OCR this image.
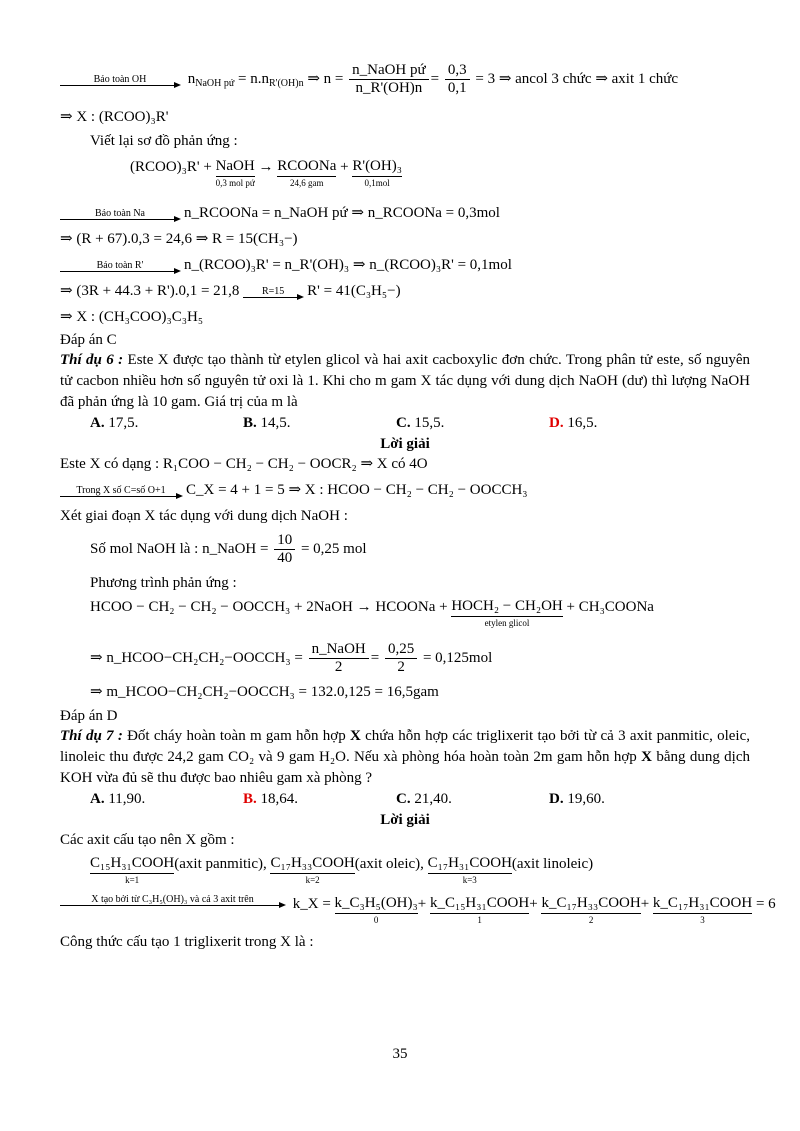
Bảo toàn OH	$n_{NaOH pứ} = n.n_{R'(OH)n}$ ⇒ $n = \frac{\text{n\_NaOH pứ}}{n\_R'(OH)n} = \frac{0,3}{0,1} = 3$ ⇒ ancol 3 chức ⇒ axit 1 chức
⇒ X : (RCOO)₃R'
Viết lại sơ đồ phản ứng :
(RCOO)₃R' + NaOH
0,3 mol pứ
→ RCOONa
24,6 gam
+ R'(OH)₃
0,1mol
Bảo toàn Na	n_RCOONa = n_NaOH pứ ⇒ n_RCOONa = 0,3mol
⇒ (R + 67).0,3 = 24,6 ⇒ R = 15(CH₃−)
Bảo toàn R'	n_(RCOO)₃R' = n_R'(OH)₃ ⇒ n_(RCOO)₃R' = 0,1mol
⇒ (3R + 44.3 + R').0,1 = 21,8	R=15	R' = 41(C₃H₅−)
⇒ X : (CH₃COO)₃C₃H₅
Đáp án C
Thí dụ 6 : Este X được tạo thành từ etylen glicol và hai axit cacboxylic đơn chức. Trong phân tử este, số nguyên tử cacbon nhiều hơn số nguyên tử oxi là 1. Khi cho m gam X tác dụng với dung dịch NaOH (dư) thì lượng NaOH đã phản ứng là 10 gam. Giá trị của m là
A. 17,5.	B. 14,5.	C. 15,5.	D. 16,5.
Lời giải
Este X có dạng : R₁COO − CH₂ − CH₂ − OOCR₂ ⇒ X có 4O
Trong X số C=số O+1	C_X = 4 + 1 = 5 ⇒ X : HCOO − CH₂ − CH₂ − OOCCH₃
Xét giai đoạn X tác dụng với dung dịch NaOH :
Số mol NaOH là : n_NaOH = $\frac{10}{40} = 0,25$ mol
Phương trình phản ứng :
HCOO − CH₂ − CH₂ − OOCCH₃ + 2NaOH → HCOONa + HOCH₂ − CH₂OH
etylen glicol
+ CH₃COONa
⇒ n_HCOO−CH₂CH₂−OOCCH₃ = $\frac{\text{n\_NaOH}}{2} = \frac{0,25}{2} = 0,125mol$
⇒ m_HCOO−CH₂CH₂−OOCCH₃ = 132.0,125 = 16,5gam
Đáp án D
Thí dụ 7 : Đốt cháy hoàn toàn m gam hỗn hợp X chứa hỗn hợp các triglixerit tạo bởi từ cả 3 axit panmitic, oleic, linoleic thu được 24,2 gam CO₂ và 9 gam H₂O. Nếu xà phòng hóa hoàn toàn 2m gam hỗn hợp X bằng dung dịch KOH vừa đủ sẽ thu được bao nhiêu gam xà phòng ?
A. 11,90.	B. 18,64.	C. 21,40.	D. 19,60.
Lời giải
Các axit cấu tạo nên X gồm :
C₁₅H₃₁COOH
k=1
(axit panmitic), C₁₇H₃₃COOH
k=2
(axit oleic), C₁₇H₃₁COOH
k=3
(axit linoleic)
X tạo bởi từ C₃H₅(OH)₃ và cả 3 axit trên	k_X = k_C₃H₅(OH)₃
0
+ k_C₁₅H₃₁COOH
1
+ k_C₁₇H₃₃COOH
2
+ k_C₁₇H₃₁COOH
3
= 6
Công thức cấu tạo 1 triglixerit trong X là :
35
